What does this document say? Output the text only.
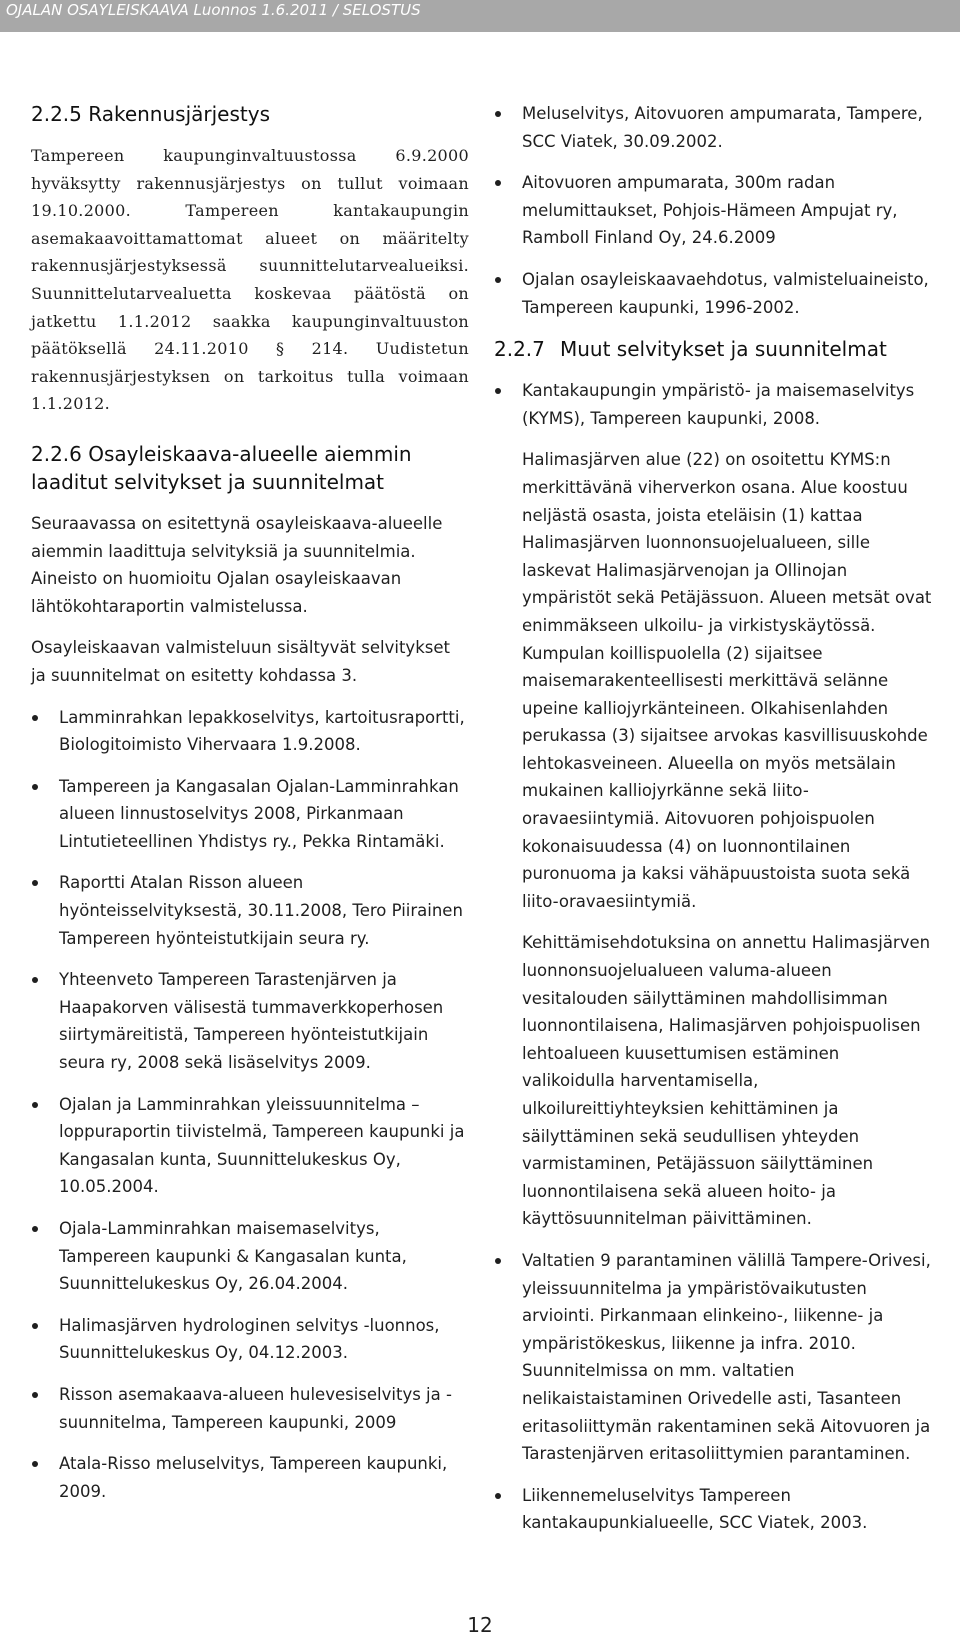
OJALAN OSAYLEISKAAVA Luonnos 1.6.2011 / SELOSTUS
2.2.5 Rakennusjärjestys

Tampereen kaupunginvaltuustossa 6.9.2000 hyväksytty rakennusjärjestys on tullut voimaan 19.10.2000. Tampereen kantakaupungin asemakaavoittamattomat alueet on määritelty rakennusjärjestyksessä suunnittelutarvealueiksi. Suunnittelutarvealuetta koskevaa päätöstä on jatkettu 1.1.2012 saakka kaupunginvaltuuston päätöksellä 24.11.2010 § 214. Uudistetun rakennusjärjestyksen on tarkoitus tulla voimaan 1.1.2012.

2.2.6 Osayleiskaava-alueelle aiemmin laaditut selvitykset ja suunnitelmat

Seuraavassa on esitettynä osayleiskaava-alueelle aiemmin laadittuja selvityksiä ja suunnitelmia. Aineisto on huomioitu Ojalan osayleiskaavan lähtökohtaraportin valmistelussa.

Osayleiskaavan valmisteluun sisältyvät selvitykset ja suunnitelmat on esitetty kohdassa 3.

Lamminrahkan lepakkoselvitys, kartoitusraportti, Biologitoimisto Vihervaara 1.9.2008.
Tampereen ja Kangasalan Ojalan-Lamminrahkan alueen linnustoselvitys 2008, Pirkanmaan Lintutieteellinen Yhdistys ry., Pekka Rintamäki.
Raportti Atalan Risson alueen hyönteisselvityksestä, 30.11.2008, Tero Piirainen Tampereen hyönteistutkijain seura ry.
Yhteenveto Tampereen Tarastenjärven ja Haapakorven välisestä tummaverkkoperhosen siirtymäreitistä, Tampereen hyönteistutkijain seura ry, 2008 sekä lisäselvitys 2009.
Ojalan ja Lamminrahkan yleissuunnitelma – loppuraportin tiivistelmä, Tampereen kaupunki ja Kangasalan kunta, Suunnittelukeskus Oy, 10.05.2004.
Ojala-Lamminrahkan maisemaselvitys, Tampereen kaupunki & Kangasalan kunta, Suunnittelukeskus Oy, 26.04.2004.
Halimasjärven hydrologinen selvitys -luonnos, Suunnittelukeskus Oy, 04.12.2003.
Risson asemakaava-alueen hulevesiselvitys ja -suunnitelma, Tampereen kaupunki, 2009
Atala-Risso meluselvitys, Tampereen kaupunki, 2009.
Meluselvitys, Aitovuoren ampumarata, Tampere, SCC Viatek, 30.09.2002.
Aitovuoren ampumarata, 300m radan melumittaukset, Pohjois-Hämeen Ampujat ry, Ramboll Finland Oy, 24.6.2009
Ojalan osayleiskaavaehdotus, valmisteluaineisto, Tampereen kaupunki, 1996-2002.
2.2.7 Muut selvitykset ja suunnitelmat
Kantakaupungin ympäristö- ja maisemaselvitys (KYMS), Tampereen kaupunki, 2008.

Halimasjärven alue (22) on osoitettu KYMS:n merkittävänä viherverkon osana. Alue koostuu neljästä osasta, joista eteläisin (1) kattaa Halimasjärven luonnonsuojelualueen, sille laskevat Halimasjärvenojan ja Ollinojan ympäristöt sekä Petäjässuon. Alueen metsät ovat enimmäkseen ulkoilu- ja virkistyskäytössä. Kumpulan koillispuolella (2) sijaitsee maisemarakenteellisesti merkittävä selänne upeine kalliojyrkänteineen. Olkahisenlahden perukassa (3) sijaitsee arvokas kasvillisuuskohde lehtokasveineen. Alueella on myös metsälain mukainen kalliojyrkänne sekä liito-oravaesiintymiä. Aitovuoren pohjoispuolen kokonaisuudessa (4) on luonnontilainen puronuoma ja kaksi vähäpuustoista suota sekä liito-oravaesiintymiä.

Kehittämisehdotuksina on annettu Halimasjärven luonnonsuojelualueen valuma-alueen vesitalouden säilyttäminen mahdollisimman luonnontilaisena, Halimasjärven pohjoispuolisen lehtoalueen kuusettumisen estäminen valikoidulla harventamisella, ulkoilureittiyhteyksien kehittäminen ja säilyttäminen sekä seudullisen yhteyden varmistaminen, Petäjässuon säilyttäminen luonnontilaisena sekä alueen hoito- ja käyttösuunnitelman päivittäminen.

Valtatien 9 parantaminen välillä Tampere-Orivesi, yleissuunnitelma ja ympäristövaikutusten arviointi. Pirkanmaan elinkeino-, liikenne- ja ympäristökeskus, liikenne ja infra. 2010. Suunnitelmissa on mm. valtatien nelikaistaistaminen Orivedelle asti, Tasanteen eritasoliittymän rakentaminen sekä Aitovuoren ja Tarastenjärven eritasoliittymien parantaminen.
Liikennemeluselvitys Tampereen kantakaupunkialueelle, SCC Viatek, 2003.
12
